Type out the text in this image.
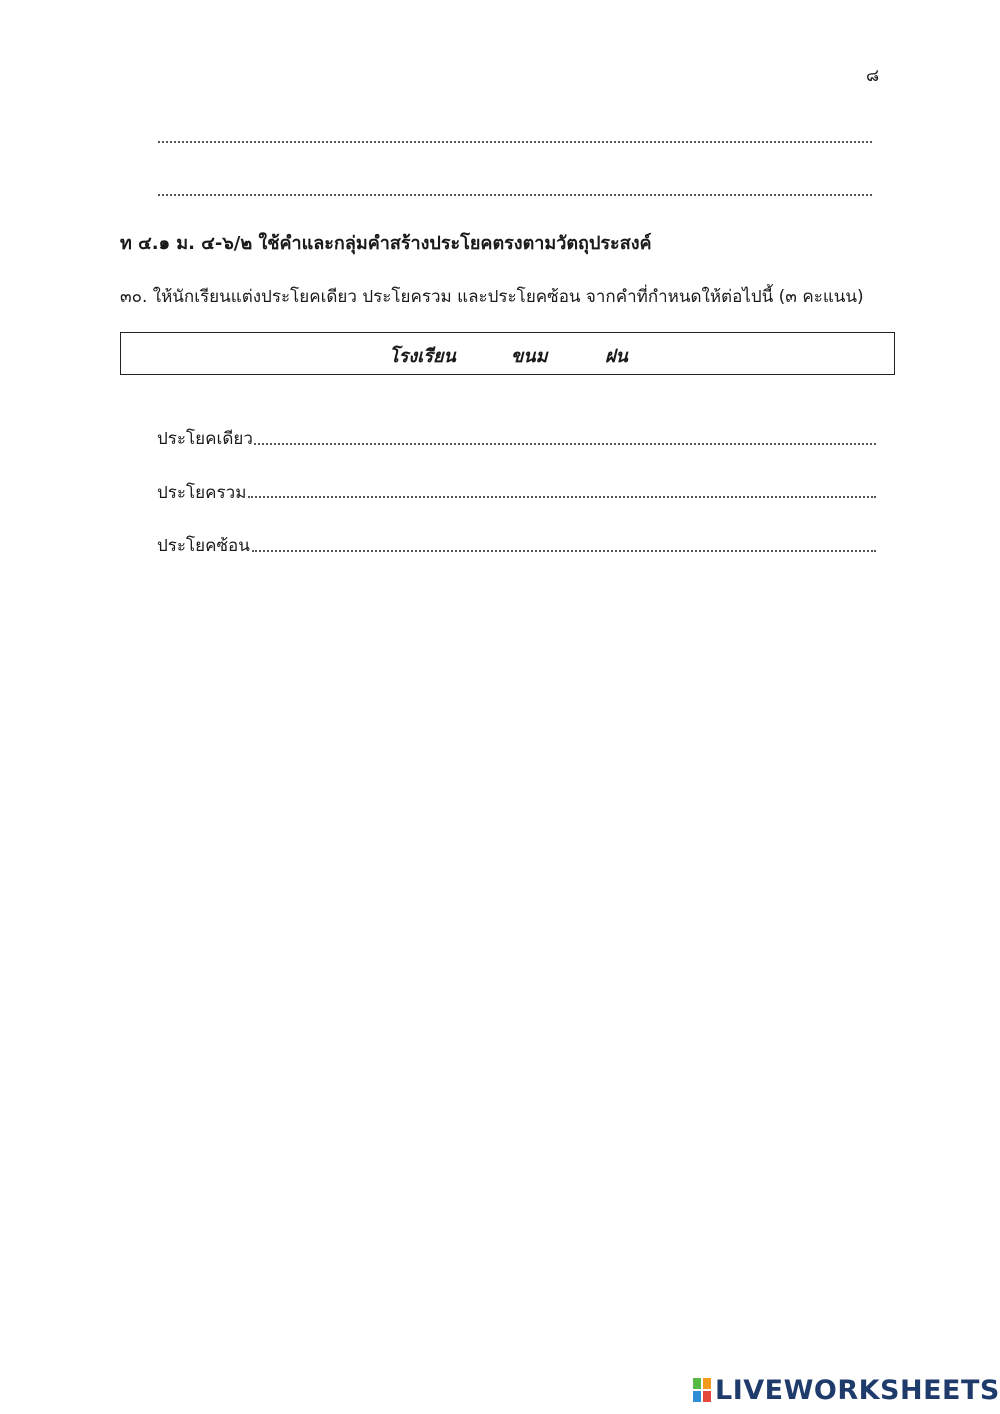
๘
ท ๔.๑ ม. ๔-๖/๒ ใช้คำและกลุ่มคำสร้างประโยคตรงตามวัตถุประสงค์
๓๐. ให้นักเรียนแต่งประโยคเดียว ประโยครวม และประโยคซ้อน จากคำที่กำหนดให้ต่อไปนี้ (๓ คะแนน)
โรงเรียน	ขนม	ฝน
ประโยคเดียว
ประโยครวม
ประโยคซ้อน
LIVEWORKSHEETS
